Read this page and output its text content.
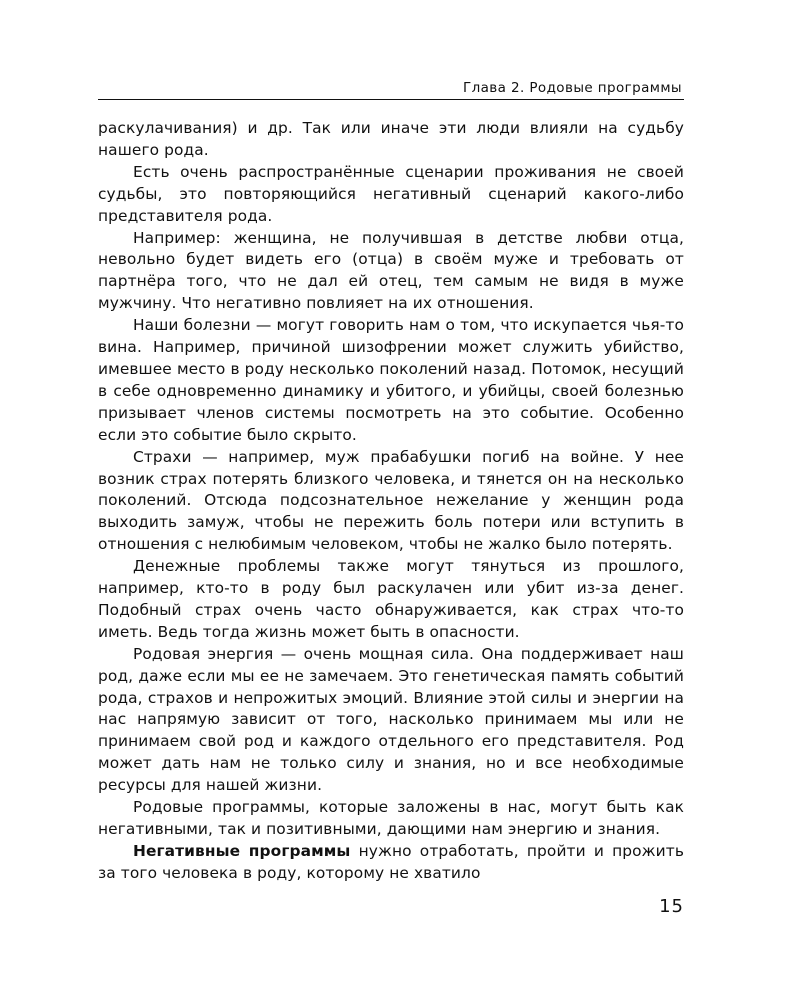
Глава 2. Родовые программы

раскулачивания) и др. Так или иначе эти люди влияли на судьбу нашего рода.

Есть очень распространённые сценарии проживания не своей судьбы, это повторяющийся негативный сценарий какого-либо представителя рода.

Например: женщина, не получившая в детстве любви отца, невольно будет видеть его (отца) в своём муже и требовать от партнёра того, что не дал ей отец, тем самым не видя в муже мужчину. Что негативно повлияет на их отношения.

Наши болезни — могут говорить нам о том, что искупается чья-то вина. Например, причиной шизофрении может служить убийство, имевшее место в роду несколько поколений назад. Потомок, несущий в себе одновременно динамику и убитого, и убийцы, своей болезнью призывает членов системы посмотреть на это событие. Особенно если это событие было скрыто.

Страхи — например, муж прабабушки погиб на войне. У нее возник страх потерять близкого человека, и тянется он на несколько поколений. Отсюда подсознательное нежелание у женщин рода выходить замуж, чтобы не пережить боль потери или вступить в отношения с нелюбимым человеком, чтобы не жалко было потерять.

Денежные проблемы также могут тянуться из прошлого, например, кто-то в роду был раскулачен или убит из-за денег. Подобный страх очень часто обнаруживается, как страх что-то иметь. Ведь тогда жизнь может быть в опасности.

Родовая энергия — очень мощная сила. Она поддерживает наш род, даже если мы ее не замечаем. Это генетическая память событий рода, страхов и непрожитых эмоций. Влияние этой силы и энергии на нас напрямую зависит от того, насколько принимаем мы или не принимаем свой род и каждого отдельного его представителя. Род может дать нам не только силу и знания, но и все необходимые ресурсы для нашей жизни.

Родовые программы, которые заложены в нас, могут быть как негативными, так и позитивными, дающими нам энергию и знания.

Негативные программы нужно отработать, пройти и прожить за того человека в роду, которому не хватило

15
